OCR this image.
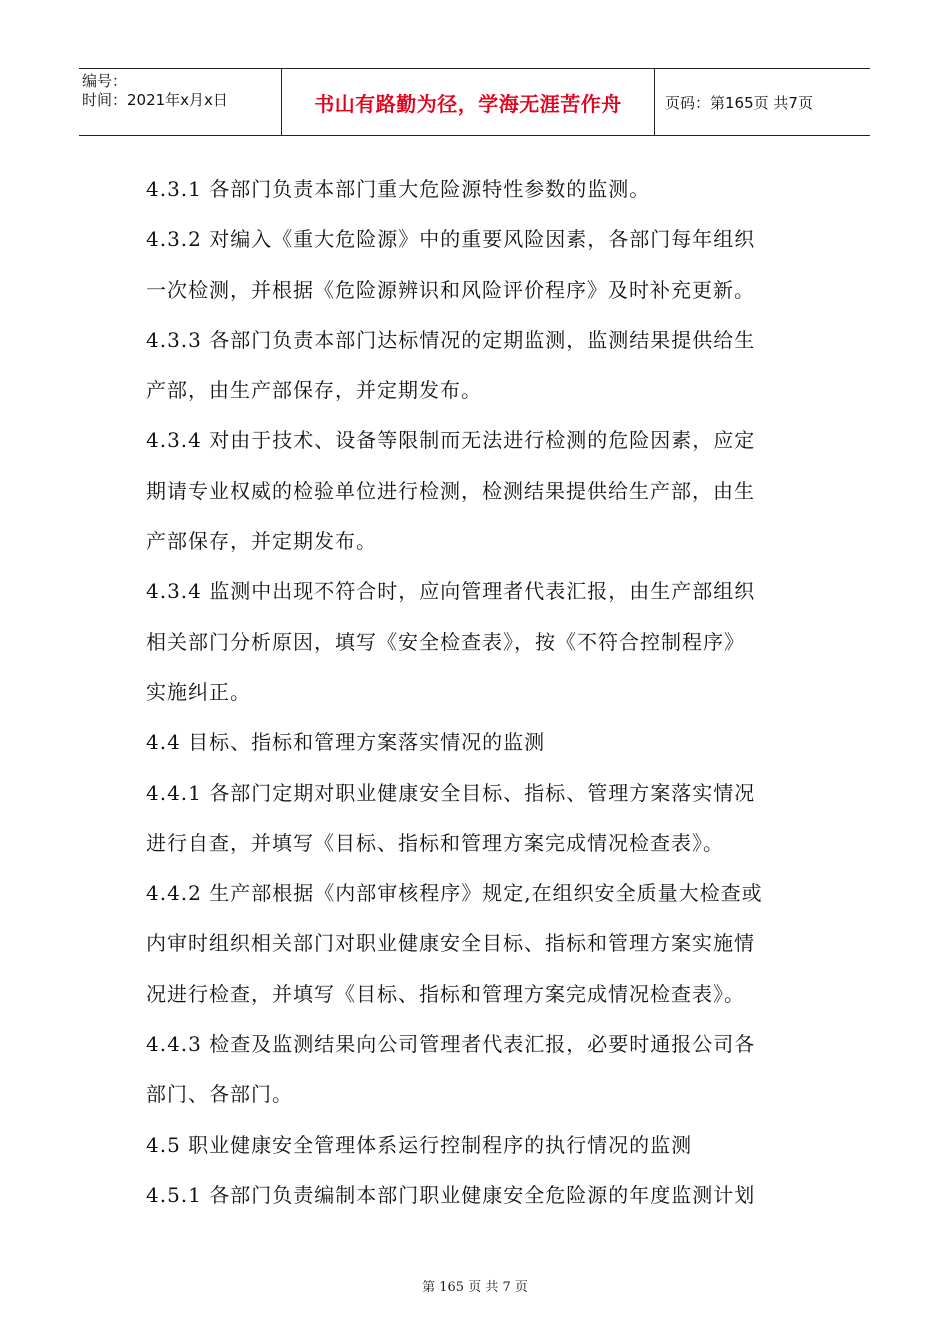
编号：
时间：2021年x月x日	书山有路勤为径，学海无涯苦作舟	页码：第165页 共7页
4.3.1 各部门负责本部门重大危险源特性参数的监测。
4.3.2 对编入《重大危险源》中的重要风险因素，各部门每年组织
一次检测，并根据《危险源辨识和风险评价程序》及时补充更新。
4.3.3 各部门负责本部门达标情况的定期监测，监测结果提供给生
产部，由生产部保存，并定期发布。
4.3.4 对由于技术、设备等限制而无法进行检测的危险因素，应定
期请专业权威的检验单位进行检测，检测结果提供给生产部，由生
产部保存，并定期发布。
4.3.4 监测中出现不符合时，应向管理者代表汇报，由生产部组织
相关部门分析原因，填写《安全检查表》，按《不符合控制程序》
实施纠正。
4.4 目标、指标和管理方案落实情况的监测
4.4.1 各部门定期对职业健康安全目标、指标、管理方案落实情况
进行自查，并填写《目标、指标和管理方案完成情况检查表》。
4.4.2 生产部根据《内部审核程序》规定,在组织安全质量大检查或
内审时组织相关部门对职业健康安全目标、指标和管理方案实施情
况进行检查，并填写《目标、指标和管理方案完成情况检查表》。
4.4.3 检查及监测结果向公司管理者代表汇报，必要时通报公司各
部门、各部门。
4.5 职业健康安全管理体系运行控制程序的执行情况的监测
4.5.1 各部门负责编制本部门职业健康安全危险源的年度监测计划
第 165 页 共 7 页
